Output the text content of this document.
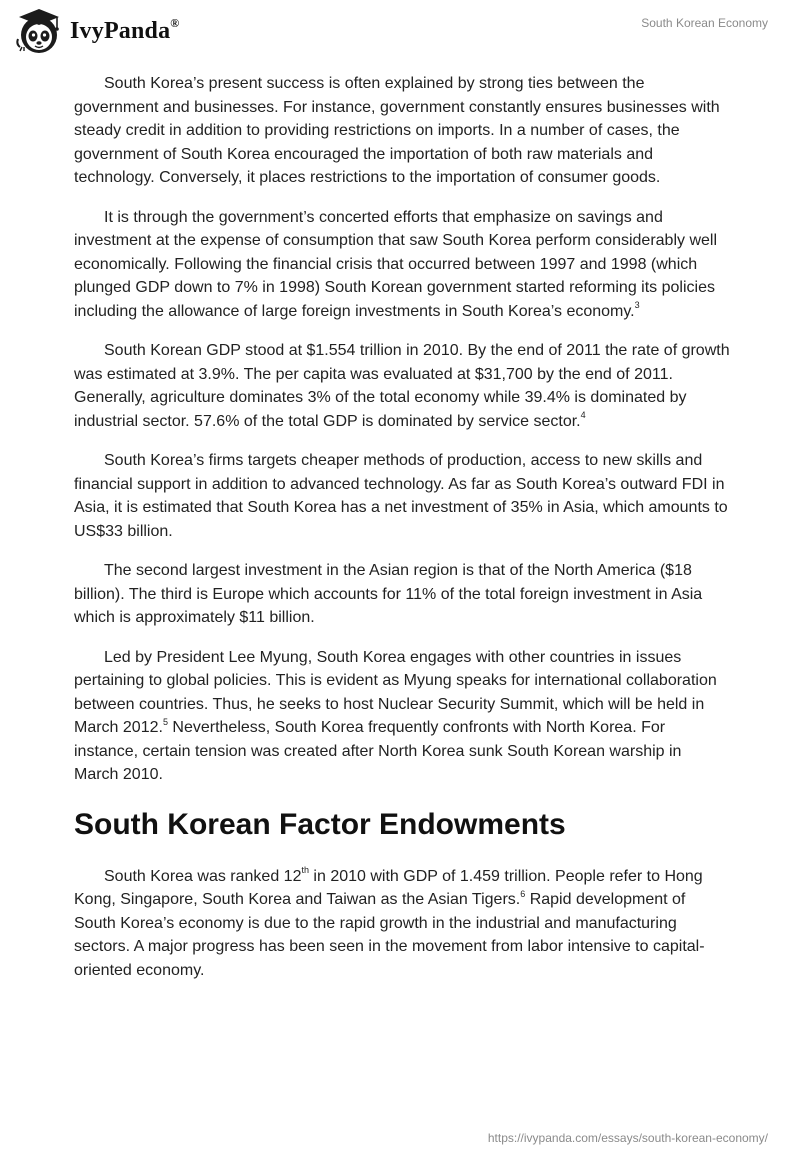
IvyPanda®	South Korean Economy

South Korea’s present success is often explained by strong ties between the government and businesses. For instance, government constantly ensures businesses with steady credit in addition to providing restrictions on imports. In a number of cases, the government of South Korea encouraged the importation of both raw materials and technology. Conversely, it places restrictions to the importation of consumer goods.

It is through the government’s concerted efforts that emphasize on savings and investment at the expense of consumption that saw South Korea perform considerably well economically. Following the financial crisis that occurred between 1997 and 1998 (which plunged GDP down to 7% in 1998) South Korean government started reforming its policies including the allowance of large foreign investments in South Korea’s economy.$^3$

South Korean GDP stood at $1.554 trillion in 2010. By the end of 2011 the rate of growth was estimated at 3.9%. The per capita was evaluated at $31,700 by the end of 2011. Generally, agriculture dominates 3% of the total economy while 39.4% is dominated by industrial sector. 57.6% of the total GDP is dominated by service sector.$^4$

South Korea’s firms targets cheaper methods of production, access to new skills and financial support in addition to advanced technology. As far as South Korea’s outward FDI in Asia, it is estimated that South Korea has a net investment of 35% in Asia, which amounts to US$33 billion.

The second largest investment in the Asian region is that of the North America ($18 billion). The third is Europe which accounts for 11% of the total foreign investment in Asia which is approximately $11 billion.

Led by President Lee Myung, South Korea engages with other countries in issues pertaining to global policies. This is evident as Myung speaks for international collaboration between countries. Thus, he seeks to host Nuclear Security Summit, which will be held in March 2012.$^5$ Nevertheless, South Korea frequently confronts with North Korea. For instance, certain tension was created after North Korea sunk South Korean warship in March 2010.

South Korean Factor Endowments

South Korea was ranked 12th in 2010 with GDP of 1.459 trillion. People refer to Hong Kong, Singapore, South Korea and Taiwan as the Asian Tigers.$^6$ Rapid development of South Korea’s economy is due to the rapid growth in the industrial and manufacturing sectors. A major progress has been seen in the movement from labor intensive to capital-oriented economy.

https://ivypanda.com/essays/south-korean-economy/
